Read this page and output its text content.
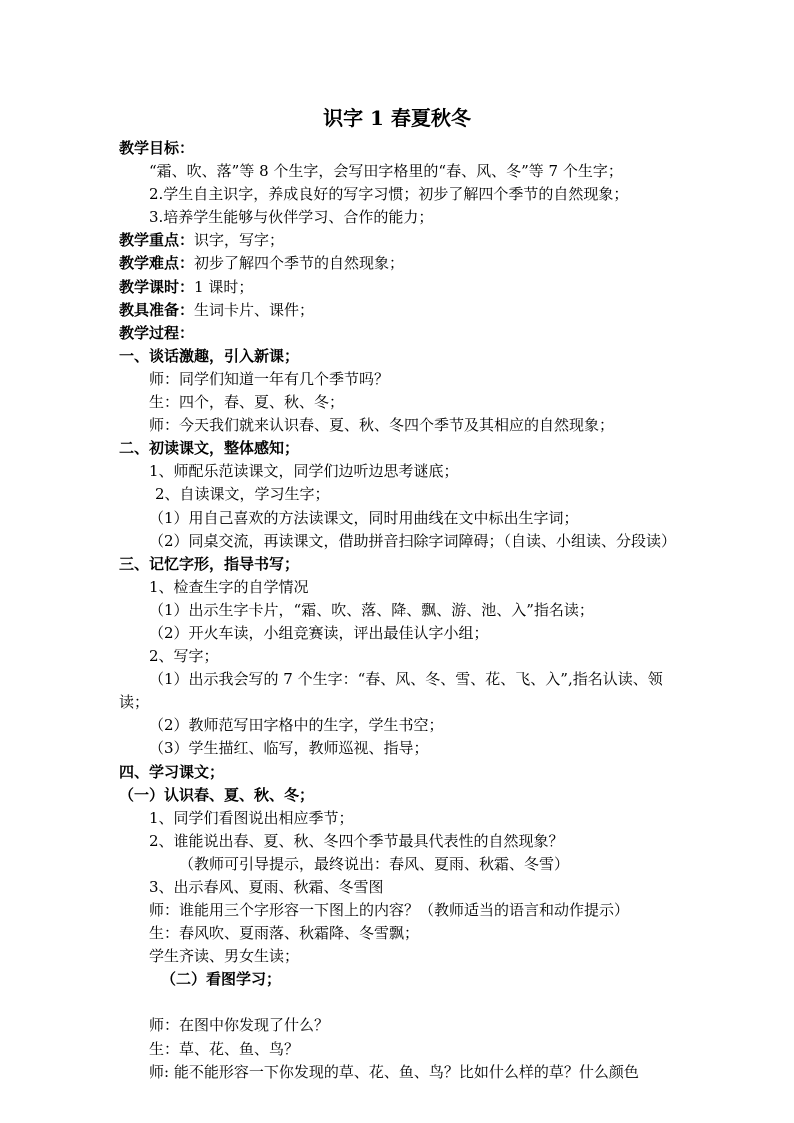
识字 1 春夏秋冬
教学目标：
“霜、吹、落”等 8 个生字，会写田字格里的“春、风、冬”等 7 个生字；
2.学生自主识字，养成良好的写字习惯；初步了解四个季节的自然现象；
3.培养学生能够与伙伴学习、合作的能力；
教学重点：识字，写字；
教学难点：初步了解四个季节的自然现象；
教学课时：1 课时；
教具准备：生词卡片、课件；
教学过程：
一、谈话激趣，引入新课；
师：同学们知道一年有几个季节吗？
生：四个，春、夏、秋、冬；
师：今天我们就来认识春、夏、秋、冬四个季节及其相应的自然现象；
二、初读课文，整体感知；
1、师配乐范读课文，同学们边听边思考谜底；
2、自读课文，学习生字；
（1）用自己喜欢的方法读课文，同时用曲线在文中标出生字词；
（2）同桌交流，再读课文，借助拼音扫除字词障碍；（自读、小组读、分段读）
三、记忆字形，指导书写；
1、检查生字的自学情况
（1）出示生字卡片，“霜、吹、落、降、飘、游、池、入”指名读；
（2）开火车读，小组竞赛读，评出最佳认字小组；
2、写字；
（1）出示我会写的 7 个生字：“春、风、冬、雪、花、飞、入”,指名认读、领读；
（2）教师范写田字格中的生字，学生书空；
（3）学生描红、临写，教师巡视、指导；
四、学习课文；
（一）认识春、夏、秋、冬；
1、同学们看图说出相应季节；
2、谁能说出春、夏、秋、冬四个季节最具代表性的自然现象？
（教师可引导提示，最终说出：春风、夏雨、秋霜、冬雪）
3、出示春风、夏雨、秋霜、冬雪图
师：谁能用三个字形容一下图上的内容？（教师适当的语言和动作提示）
生：春风吹、夏雨落、秋霜降、冬雪飘；
学生齐读、男女生读；
（二）看图学习；
师：在图中你发现了什么？
生：草、花、鱼、鸟？
师: 能不能形容一下你发现的草、花、鱼、鸟？比如什么样的草？什么颜色
